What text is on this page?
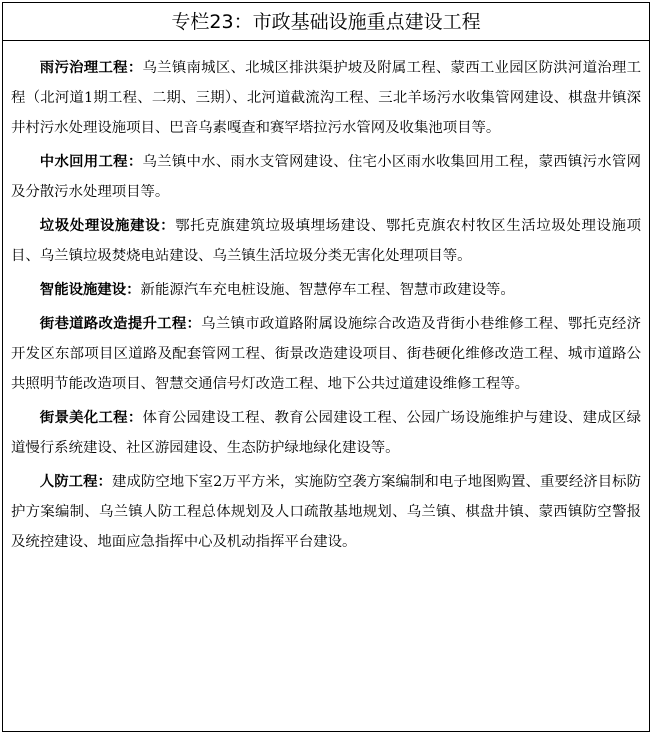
专栏23：市政基础设施重点建设工程

雨污治理工程：乌兰镇南城区、北城区排洪渠护坡及附属工程、蒙西工业园区防洪河道治理工程（北河道1期工程、二期、三期）、北河道截流沟工程、三北羊场污水收集管网建设、棋盘井镇深井村污水处理设施项目、巴音乌素嘎查和赛罕塔拉污水管网及收集池项目等。

中水回用工程：乌兰镇中水、雨水支管网建设、住宅小区雨水收集回用工程，蒙西镇污水管网及分散污水处理项目等。

垃圾处理设施建设：鄂托克旗建筑垃圾填埋场建设、鄂托克旗农村牧区生活垃圾处理设施项目、乌兰镇垃圾焚烧电站建设、乌兰镇生活垃圾分类无害化处理项目等。

智能设施建设：新能源汽车充电桩设施、智慧停车工程、智慧市政建设等。

街巷道路改造提升工程：乌兰镇市政道路附属设施综合改造及背街小巷维修工程、鄂托克经济开发区东部项目区道路及配套管网工程、街景改造建设项目、街巷硬化维修改造工程、城市道路公共照明节能改造项目、智慧交通信号灯改造工程、地下公共过道建设维修工程等。

街景美化工程：体育公园建设工程、教育公园建设工程、公园广场设施维护与建设、建成区绿道慢行系统建设、社区游园建设、生态防护绿地绿化建设等。

人防工程：建成防空地下室2万平方米，实施防空袭方案编制和电子地图购置、重要经济目标防护方案编制、乌兰镇人防工程总体规划及人口疏散基地规划、乌兰镇、棋盘井镇、蒙西镇防空警报及统控建设、地面应急指挥中心及机动指挥平台建设。
